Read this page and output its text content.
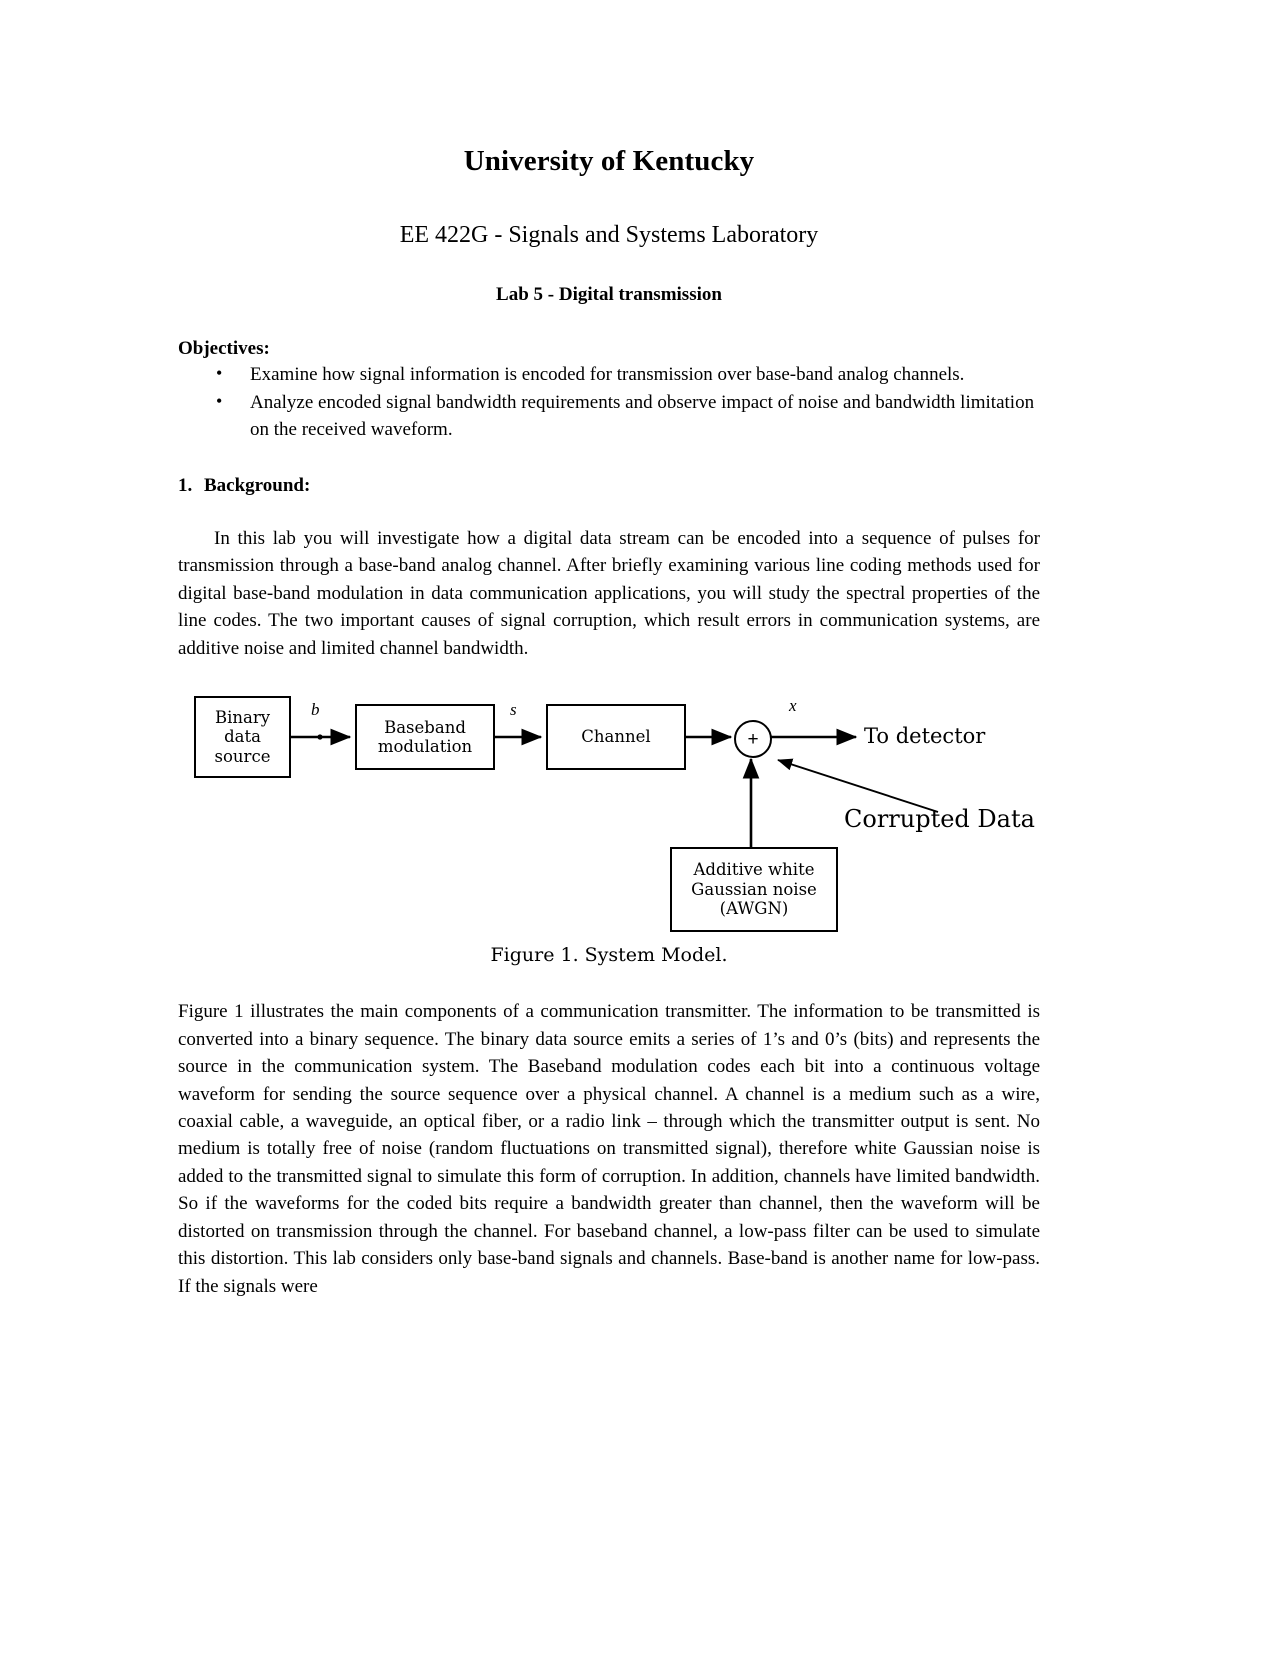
University of Kentucky
EE 422G - Signals and Systems Laboratory
Lab 5 - Digital transmission
Objectives:
• Examine how signal information is encoded for transmission over base-band analog channels.
• Analyze encoded signal bandwidth requirements and observe impact of noise and bandwidth limitation on the received waveform.
1. Background:

In this lab you will investigate how a digital data stream can be encoded into a sequence of pulses for transmission through a base-band analog channel. After briefly examining various line coding methods used for digital base-band modulation in data communication applications, you will study the spectral properties of the line codes. The two important causes of signal corruption, which result errors in communication systems, are additive noise and limited channel bandwidth.

Binary
data
source
Baseband
modulation
Channel
Additive white
Gaussian noise
(AWGN)
+
b	s	x
To detector
Corrupted Data
Figure 1. System Model.

Figure 1 illustrates the main components of a communication transmitter. The information to be transmitted is converted into a binary sequence. The binary data source emits a series of 1’s and 0’s (bits) and represents the source in the communication system. The Baseband modulation codes each bit into a continuous voltage waveform for sending the source sequence over a physical channel. A channel is a medium such as a wire, coaxial cable, a waveguide, an optical fiber, or a radio link – through which the transmitter output is sent. No medium is totally free of noise (random fluctuations on transmitted signal), therefore white Gaussian noise is added to the transmitted signal to simulate this form of corruption. In addition, channels have limited bandwidth. So if the waveforms for the coded bits require a bandwidth greater than channel, then the waveform will be distorted on transmission through the channel. For baseband channel, a low-pass filter can be used to simulate this distortion. This lab considers only base-band signals and channels. Base-band is another name for low-pass. If the signals were
